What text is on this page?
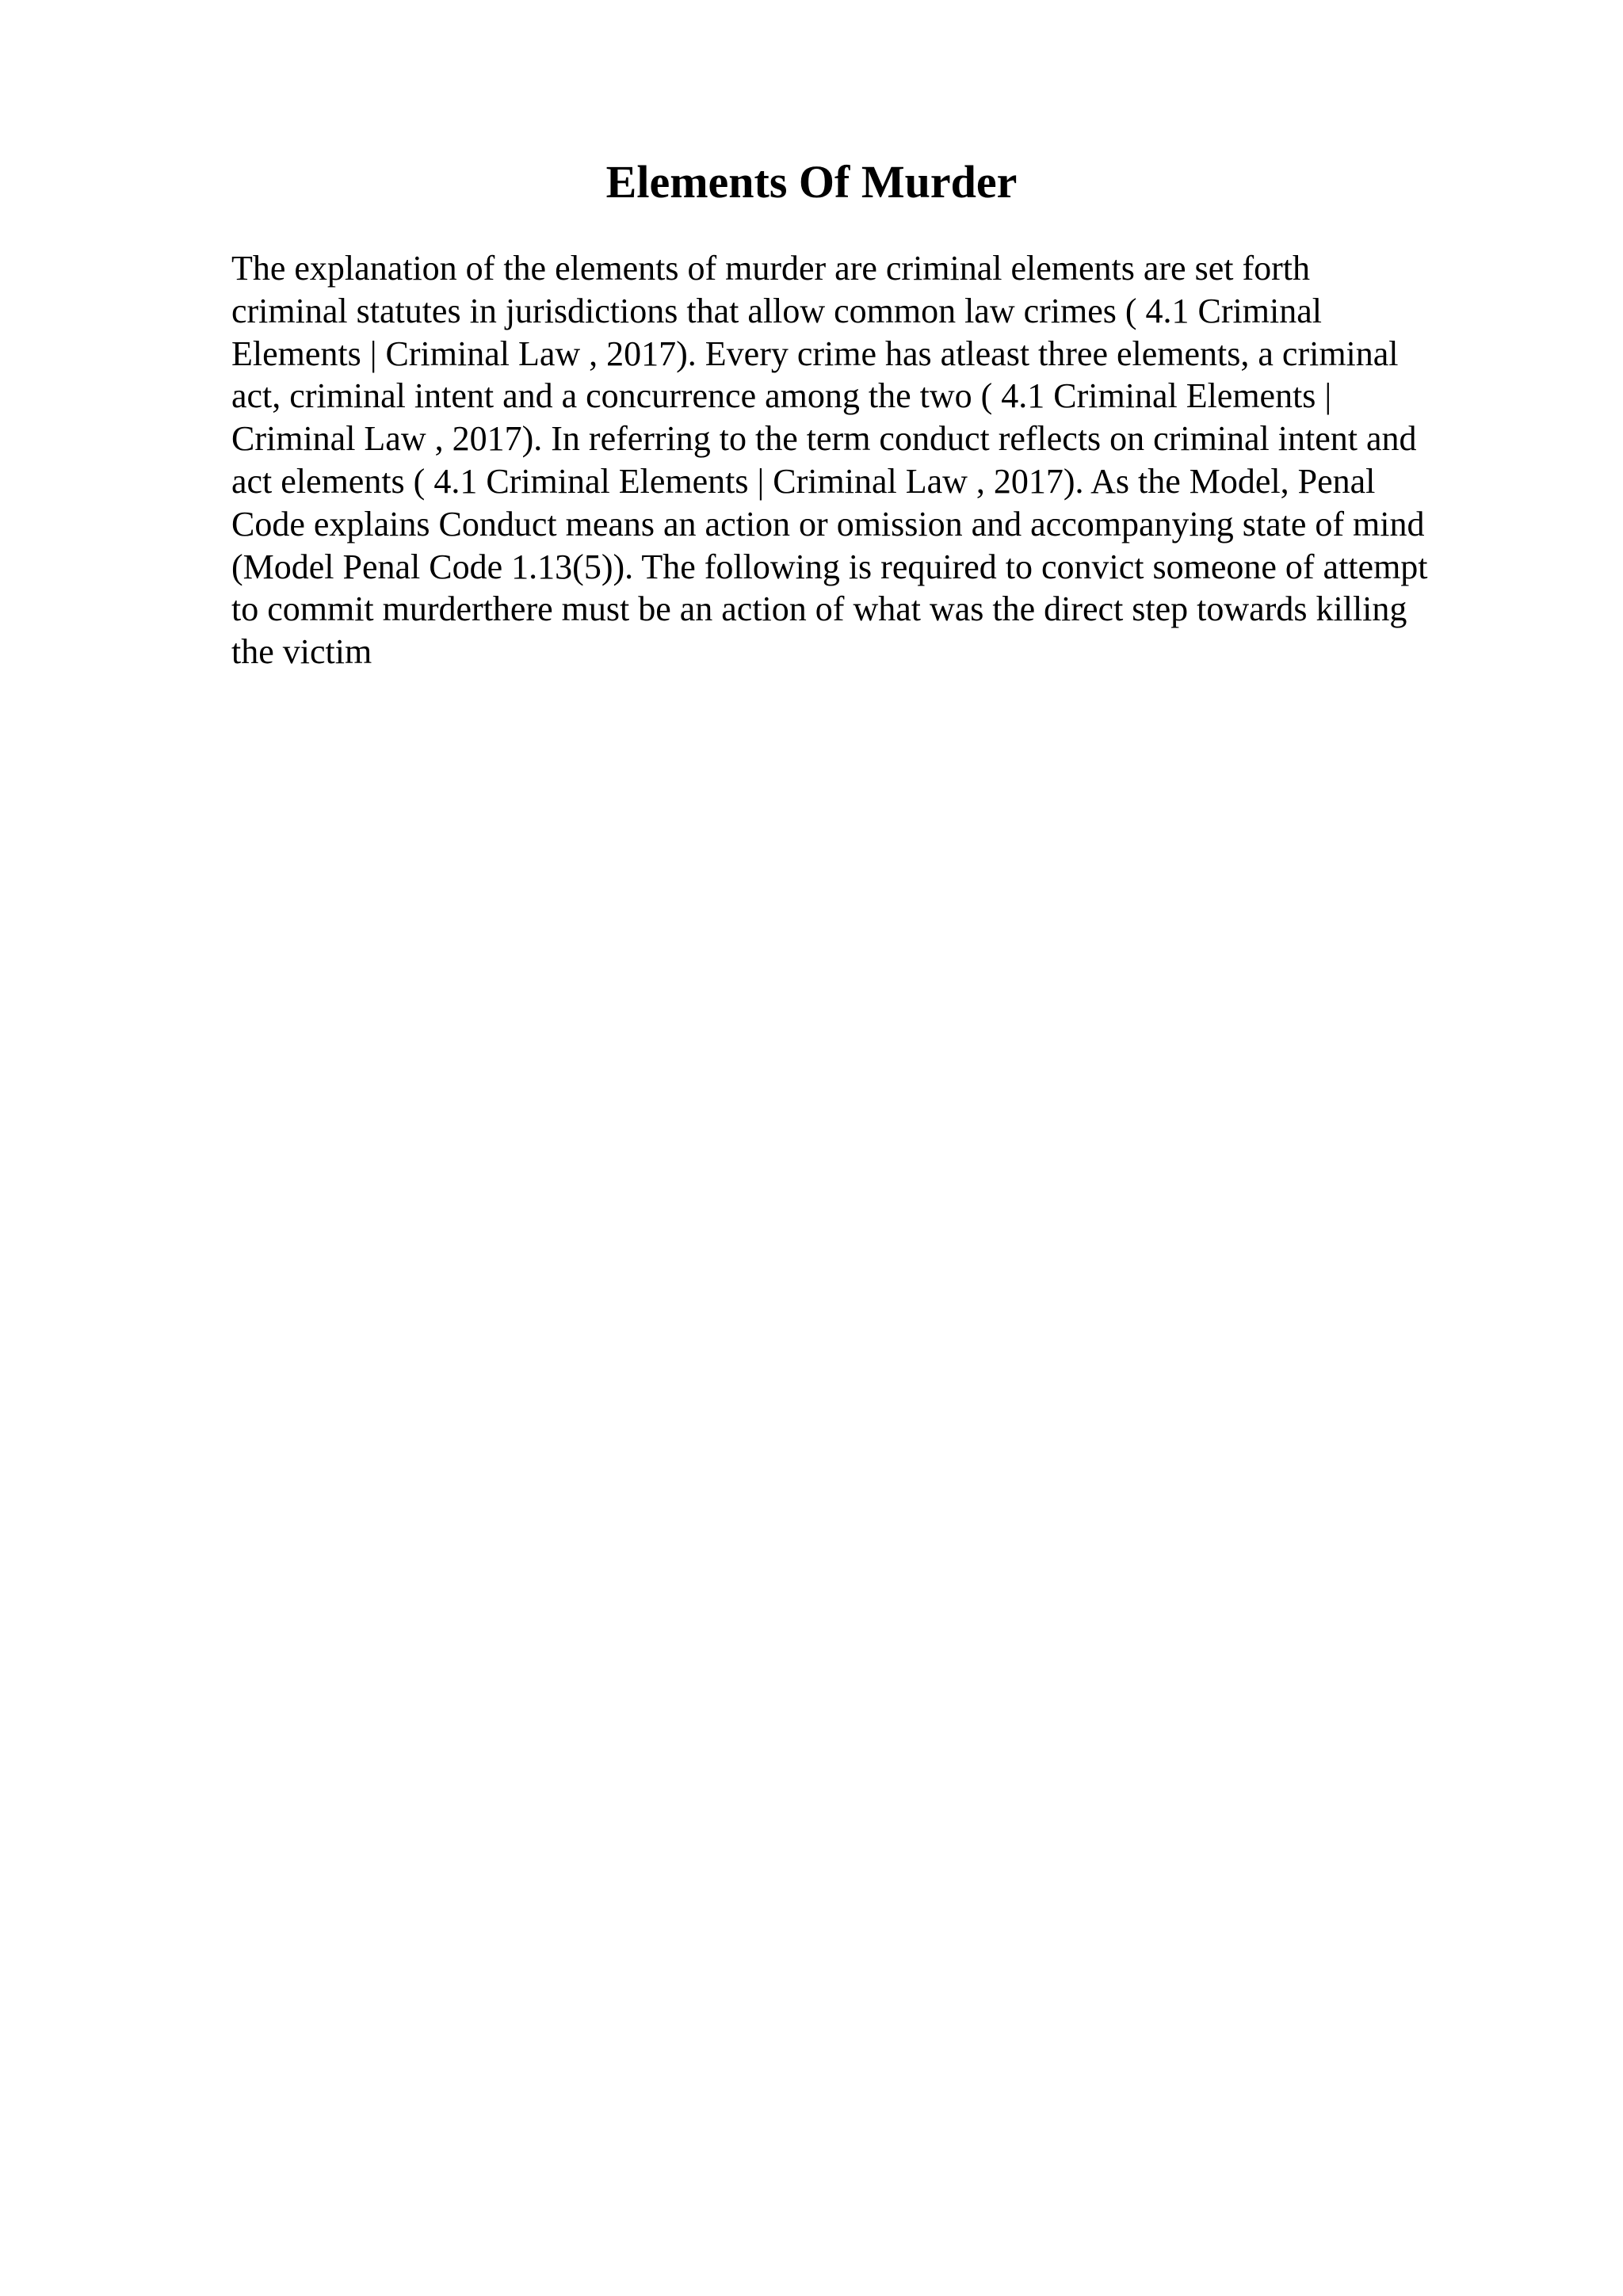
Elements Of Murder
The explanation of the elements of murder are criminal elements are set forth
criminal statutes in jurisdictions that allow common law crimes ( 4.1 Criminal
Elements | Criminal Law , 2017). Every crime has atleast three elements, a criminal
act, criminal intent and a concurrence among the two ( 4.1 Criminal Elements |
Criminal Law , 2017). In referring to the term conduct reflects on criminal intent and
act elements ( 4.1 Criminal Elements | Criminal Law , 2017). As the Model, Penal
Code explains Conduct means an action or omission and accompanying state of mind
(Model Penal Code 1.13(5)). The following is required to convict someone of attempt
to commit murderthere must be an action of what was the direct step towards killing
the victim
